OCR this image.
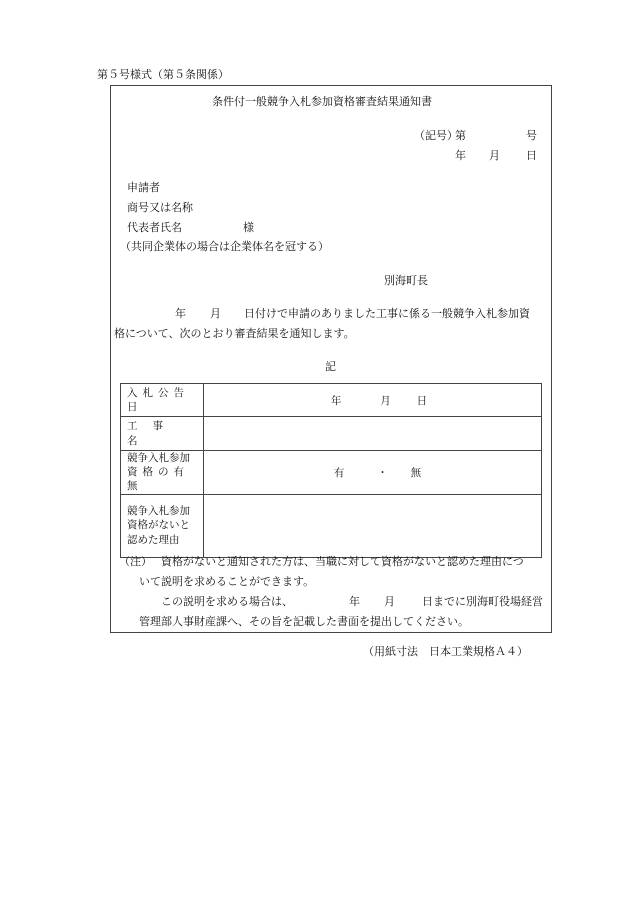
第５号様式（第５条関係）
条件付一般競争入札参加資格審査結果通知書
（記号）
第	号
年 月 日
申請者
商号又は名称
代表者氏名	様
（共同企業体の場合は企業体名を冠する）
別海町長
年 月 日付けで申請のありました工事に係る一般競争入札参加資
格について、次のとおり審査結果を通知します。
記
入札公告日	年 月 日
工事名	

競争入札参加
資格の有無	有 ・ 無

競争入札参加
資格がないと
認めた理由	

（注） 資格がないと通知された方は、当職に対して資格がないと認めた理由につ
いて説明を求めることができます。
この説明を求める場合は、	年 月 日までに別海町役場経営
管理部人事財産課へ、その旨を記載した書面を提出してください。
（用紙寸法　日本工業規格Ａ４）
